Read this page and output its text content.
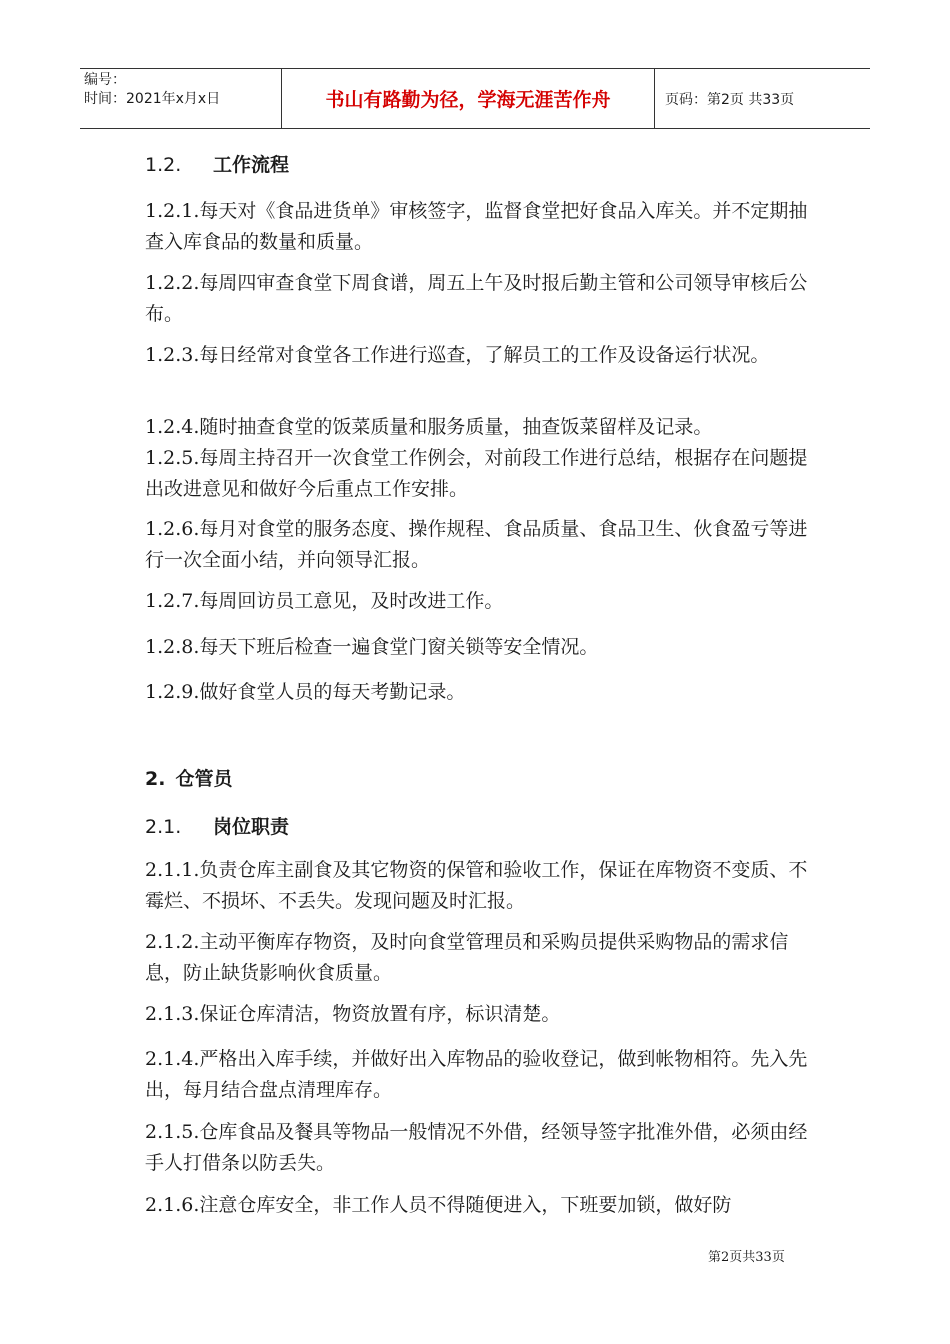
编号：
时间：2021年x月x日	书山有路勤为径，学海无涯苦作舟	页码：第2页 共33页
1.2. 工作流程

1.2.1.每天对《食品进货单》审核签字，监督食堂把好食品入库关。并不定期抽查入库食品的数量和质量。

1.2.2.每周四审查食堂下周食谱，周五上午及时报后勤主管和公司领导审核后公布。

1.2.3.每日经常对食堂各工作进行巡查，了解员工的工作及设备运行状况。

1.2.4.随时抽查食堂的饭菜质量和服务质量，抽查饭菜留样及记录。

1.2.5.每周主持召开一次食堂工作例会，对前段工作进行总结，根据存在问题提出改进意见和做好今后重点工作安排。

1.2.6.每月对食堂的服务态度、操作规程、食品质量、食品卫生、伙食盈亏等进行一次全面小结，并向领导汇报。

1.2.7.每周回访员工意见，及时改进工作。

1.2.8.每天下班后检查一遍食堂门窗关锁等安全情况。

1.2.9.做好食堂人员的每天考勤记录。

2. 仓管员
2.1. 岗位职责

2.1.1.负责仓库主副食及其它物资的保管和验收工作，保证在库物资不变质、不霉烂、不损坏、不丢失。发现问题及时汇报。

2.1.2.主动平衡库存物资，及时向食堂管理员和采购员提供采购物品的需求信息，防止缺货影响伙食质量。

2.1.3.保证仓库清洁，物资放置有序，标识清楚。

2.1.4.严格出入库手续，并做好出入库物品的验收登记，做到帐物相符。先入先出，每月结合盘点清理库存。

2.1.5.仓库食品及餐具等物品一般情况不外借，经领导签字批准外借，必须由经手人打借条以防丢失。

2.1.6.注意仓库安全，非工作人员不得随便进入，下班要加锁，做好防

第2页共33页
